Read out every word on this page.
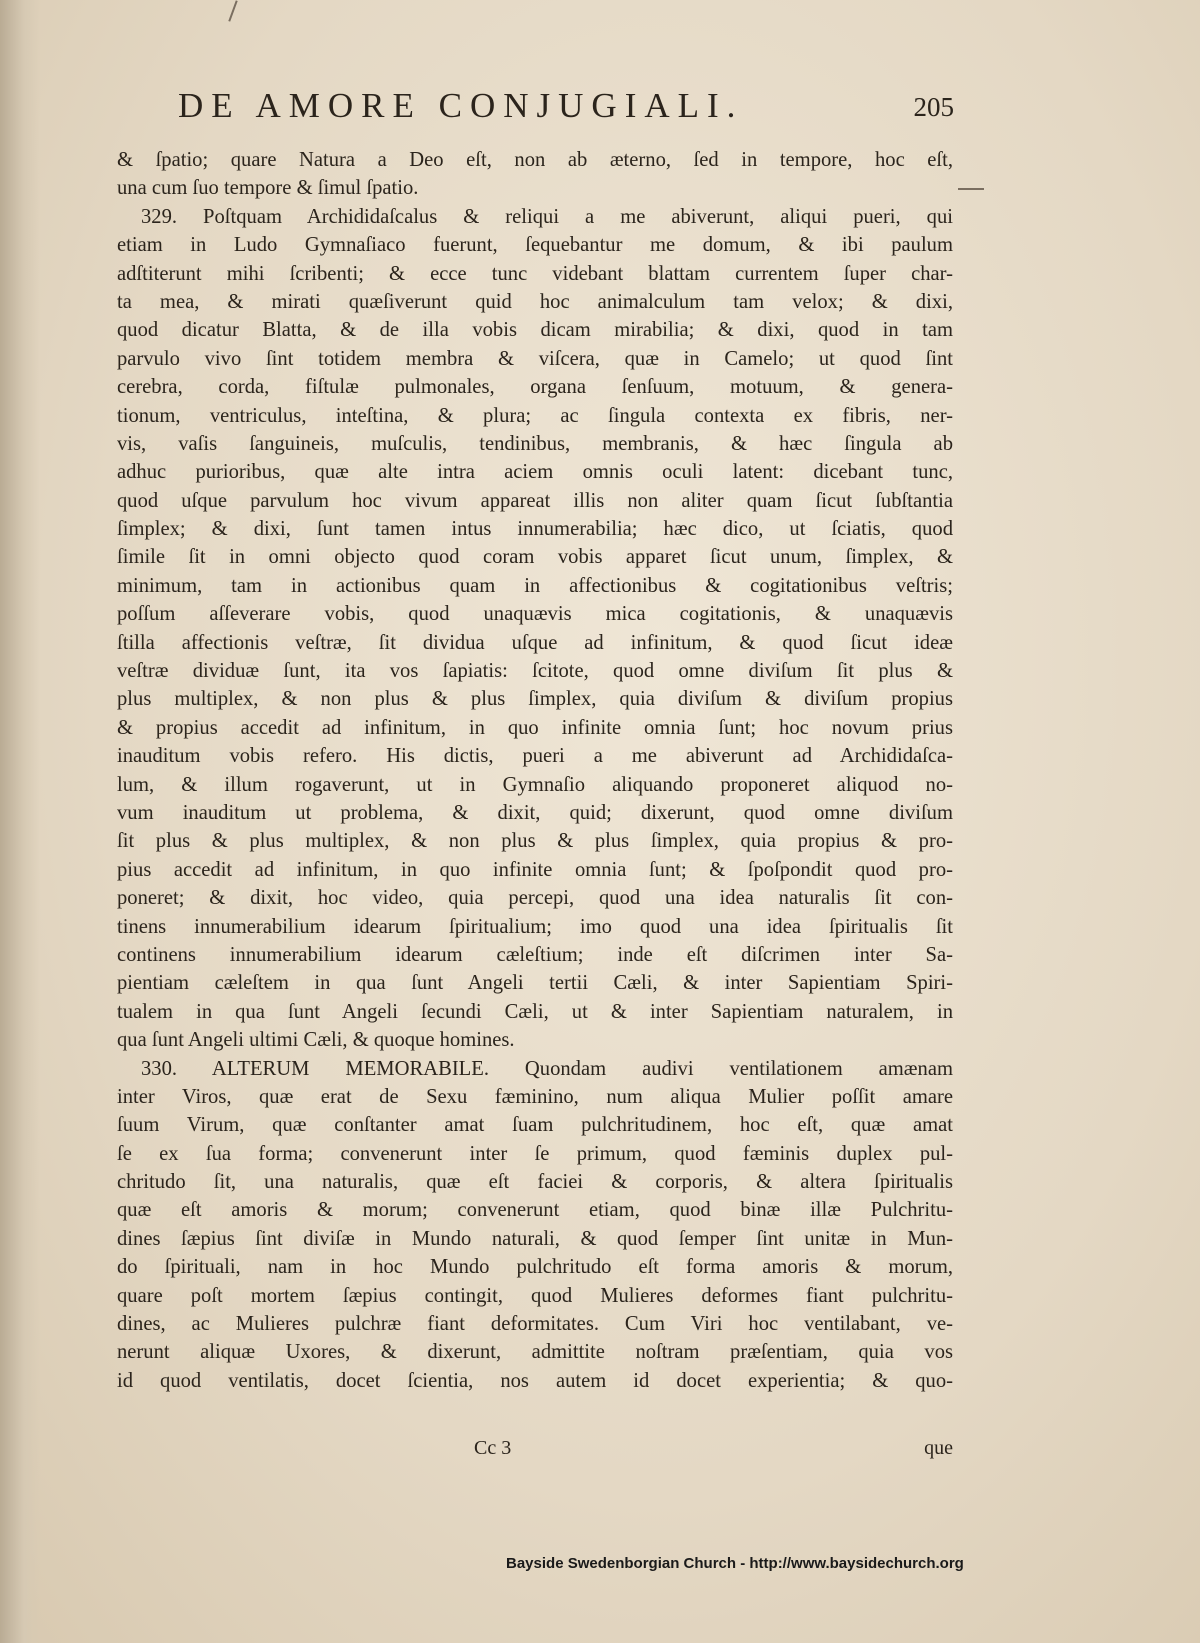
DE AMORE CONJUGIALI.	205
& ſpatio; quare Natura a Deo eſt, non ab æterno, ſed in tempore, hoc eſt,
una cum ſuo tempore & ſimul ſpatio.
329. Poſtquam Archididaſcalus & reliqui a me abiverunt, aliqui pueri, qui
etiam in Ludo Gymnaſiaco fuerunt, ſequebantur me domum, & ibi paulum
adſtiterunt mihi ſcribenti; & ecce tunc videbant blattam currentem ſuper char-
ta mea, & mirati quæſiverunt quid hoc animalculum tam velox; & dixi,
quod dicatur Blatta, & de illa vobis dicam mirabilia; & dixi, quod in tam
parvulo vivo ſint totidem membra & viſcera, quæ in Camelo; ut quod ſint
cerebra, corda, fiſtulæ pulmonales, organa ſenſuum, motuum, & genera-
tionum, ventriculus, inteſtina, & plura; ac ſingula contexta ex fibris, ner-
vis, vaſis ſanguineis, muſculis, tendinibus, membranis, & hæc ſingula ab
adhuc purioribus, quæ alte intra aciem omnis oculi latent: dicebant tunc,
quod uſque parvulum hoc vivum appareat illis non aliter quam ſicut ſubſtantia
ſimplex; & dixi, ſunt tamen intus innumerabilia; hæc dico, ut ſciatis, quod
ſimile ſit in omni objecto quod coram vobis apparet ſicut unum, ſimplex, &
minimum, tam in actionibus quam in affectionibus & cogitationibus veſtris;
poſſum aſſeverare vobis, quod unaquævis mica cogitationis, & unaquævis
ſtilla affectionis veſtræ, ſit dividua uſque ad infinitum, & quod ſicut ideæ
veſtræ dividuæ ſunt, ita vos ſapiatis: ſcitote, quod omne diviſum ſit plus &
plus multiplex, & non plus & plus ſimplex, quia diviſum & diviſum propius
& propius accedit ad infinitum, in quo infinite omnia ſunt; hoc novum prius
inauditum vobis refero. His dictis, pueri a me abiverunt ad Archididaſca-
lum, & illum rogaverunt, ut in Gymnaſio aliquando proponeret aliquod no-
vum inauditum ut problema, & dixit, quid; dixerunt, quod omne diviſum
ſit plus & plus multiplex, & non plus & plus ſimplex, quia propius & pro-
pius accedit ad infinitum, in quo infinite omnia ſunt; & ſpoſpondit quod pro-
poneret; & dixit, hoc video, quia percepi, quod una idea naturalis ſit con-
tinens innumerabilium idearum ſpiritualium; imo quod una idea ſpiritualis ſit
continens innumerabilium idearum cæleſtium; inde eſt diſcrimen inter Sa-
pientiam cæleſtem in qua ſunt Angeli tertii Cæli, & inter Sapientiam Spiri-
tualem in qua ſunt Angeli ſecundi Cæli, ut & inter Sapientiam naturalem, in
qua ſunt Angeli ultimi Cæli, & quoque homines.
330. ALTERUM MEMORABILE. Quondam audivi ventilationem amænam
inter Viros, quæ erat de Sexu fæminino, num aliqua Mulier poſſit amare
ſuum Virum, quæ conſtanter amat ſuam pulchritudinem, hoc eſt, quæ amat
ſe ex ſua forma; convenerunt inter ſe primum, quod fæminis duplex pul-
chritudo ſit, una naturalis, quæ eſt faciei & corporis, & altera ſpiritualis
quæ eſt amoris & morum; convenerunt etiam, quod binæ illæ Pulchritu-
dines ſæpius ſint diviſæ in Mundo naturali, & quod ſemper ſint unitæ in Mun-
do ſpirituali, nam in hoc Mundo pulchritudo eſt forma amoris & morum,
quare poſt mortem ſæpius contingit, quod Mulieres deformes fiant pulchritu-
dines, ac Mulieres pulchræ fiant deformitates. Cum Viri hoc ventilabant, ve-
nerunt aliquæ Uxores, & dixerunt, admittite noſtram præſentiam, quia vos
id quod ventilatis, docet ſcientia, nos autem id docet experientia; & quo-
Cc 3	que
Bayside Swedenborgian Church - http://www.baysidechurch.org
